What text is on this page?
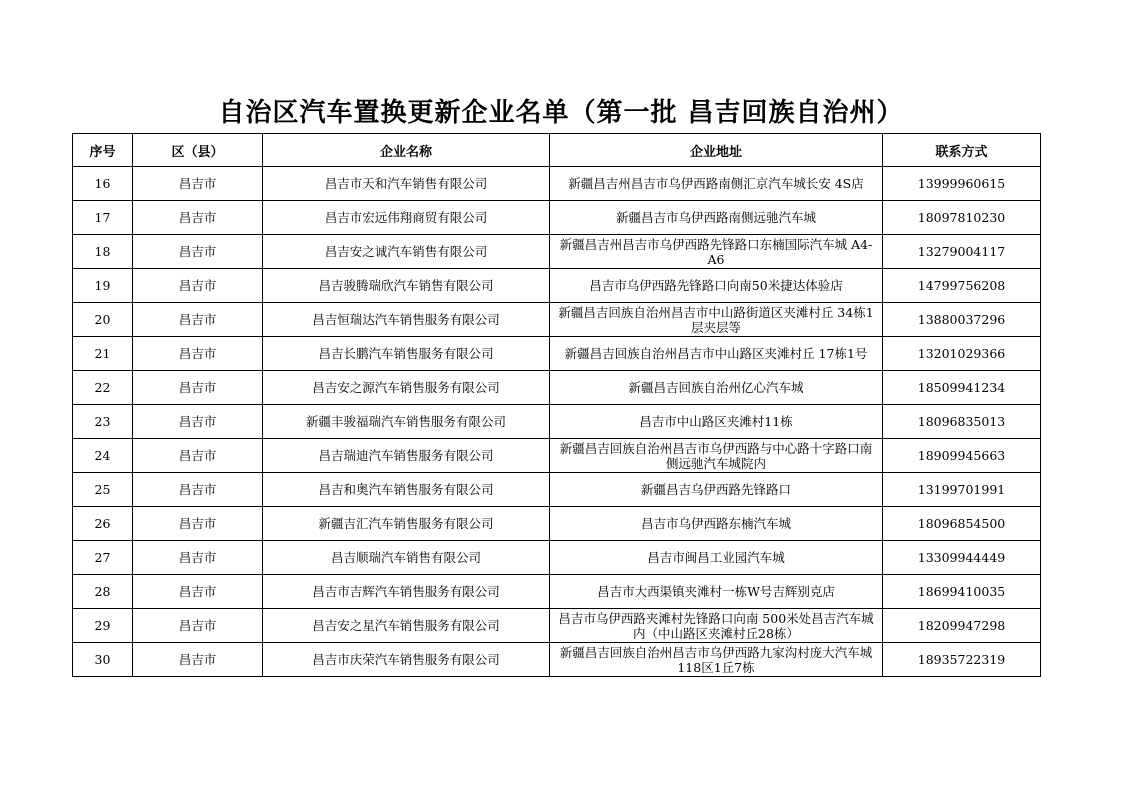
自治区汽车置换更新企业名单（第一批 昌吉回族自治州）
序号	区（县）	企业名称	企业地址	联系方式
16	昌吉市	昌吉市天和汽车销售有限公司	新疆昌吉州昌吉市乌伊西路南侧汇京汽车城长安 4S店	13999960615
17	昌吉市	昌吉市宏远伟翔商贸有限公司	新疆昌吉市乌伊西路南侧远驰汽车城	18097810230
18	昌吉市	昌吉安之诚汽车销售有限公司	新疆昌吉州昌吉市乌伊西路先锋路口东楠国际汽车城 A4-A6	13279004117
19	昌吉市	昌吉骏腾瑞欣汽车销售有限公司	昌吉市乌伊西路先锋路口向南50米捷达体验店	14799756208
20	昌吉市	昌吉恒瑞达汽车销售服务有限公司	新疆昌吉回族自治州昌吉市中山路街道区夹滩村丘 34栋1层夹层等	13880037296
21	昌吉市	昌吉长鹏汽车销售服务有限公司	新疆昌吉回族自治州昌吉市中山路区夹滩村丘 17栋1号	13201029366
22	昌吉市	昌吉安之源汽车销售服务有限公司	新疆昌吉回族自治州亿心汽车城	18509941234
23	昌吉市	新疆丰骏福瑞汽车销售服务有限公司	昌吉市中山路区夹滩村11栋	18096835013
24	昌吉市	昌吉瑞迪汽车销售服务有限公司	新疆昌吉回族自治州昌吉市乌伊西路与中心路十字路口南侧远驰汽车城院内	18909945663
25	昌吉市	昌吉和奥汽车销售服务有限公司	新疆昌吉乌伊西路先锋路口	13199701991
26	昌吉市	新疆吉汇汽车销售服务有限公司	昌吉市乌伊西路东楠汽车城	18096854500
27	昌吉市	昌吉顺瑞汽车销售有限公司	昌吉市闽昌工业园汽车城	13309944449
28	昌吉市	昌吉市吉辉汽车销售服务有限公司	昌吉市大西渠镇夹滩村一栋W号吉辉别克店	18699410035
29	昌吉市	昌吉安之星汽车销售服务有限公司	昌吉市乌伊西路夹滩村先锋路口向南 500米处昌吉汽车城内（中山路区夹滩村丘28栋）	18209947298
30	昌吉市	昌吉市庆荣汽车销售服务有限公司	新疆昌吉回族自治州昌吉市乌伊西路九家沟村庞大汽车城118区1丘7栋	18935722319
